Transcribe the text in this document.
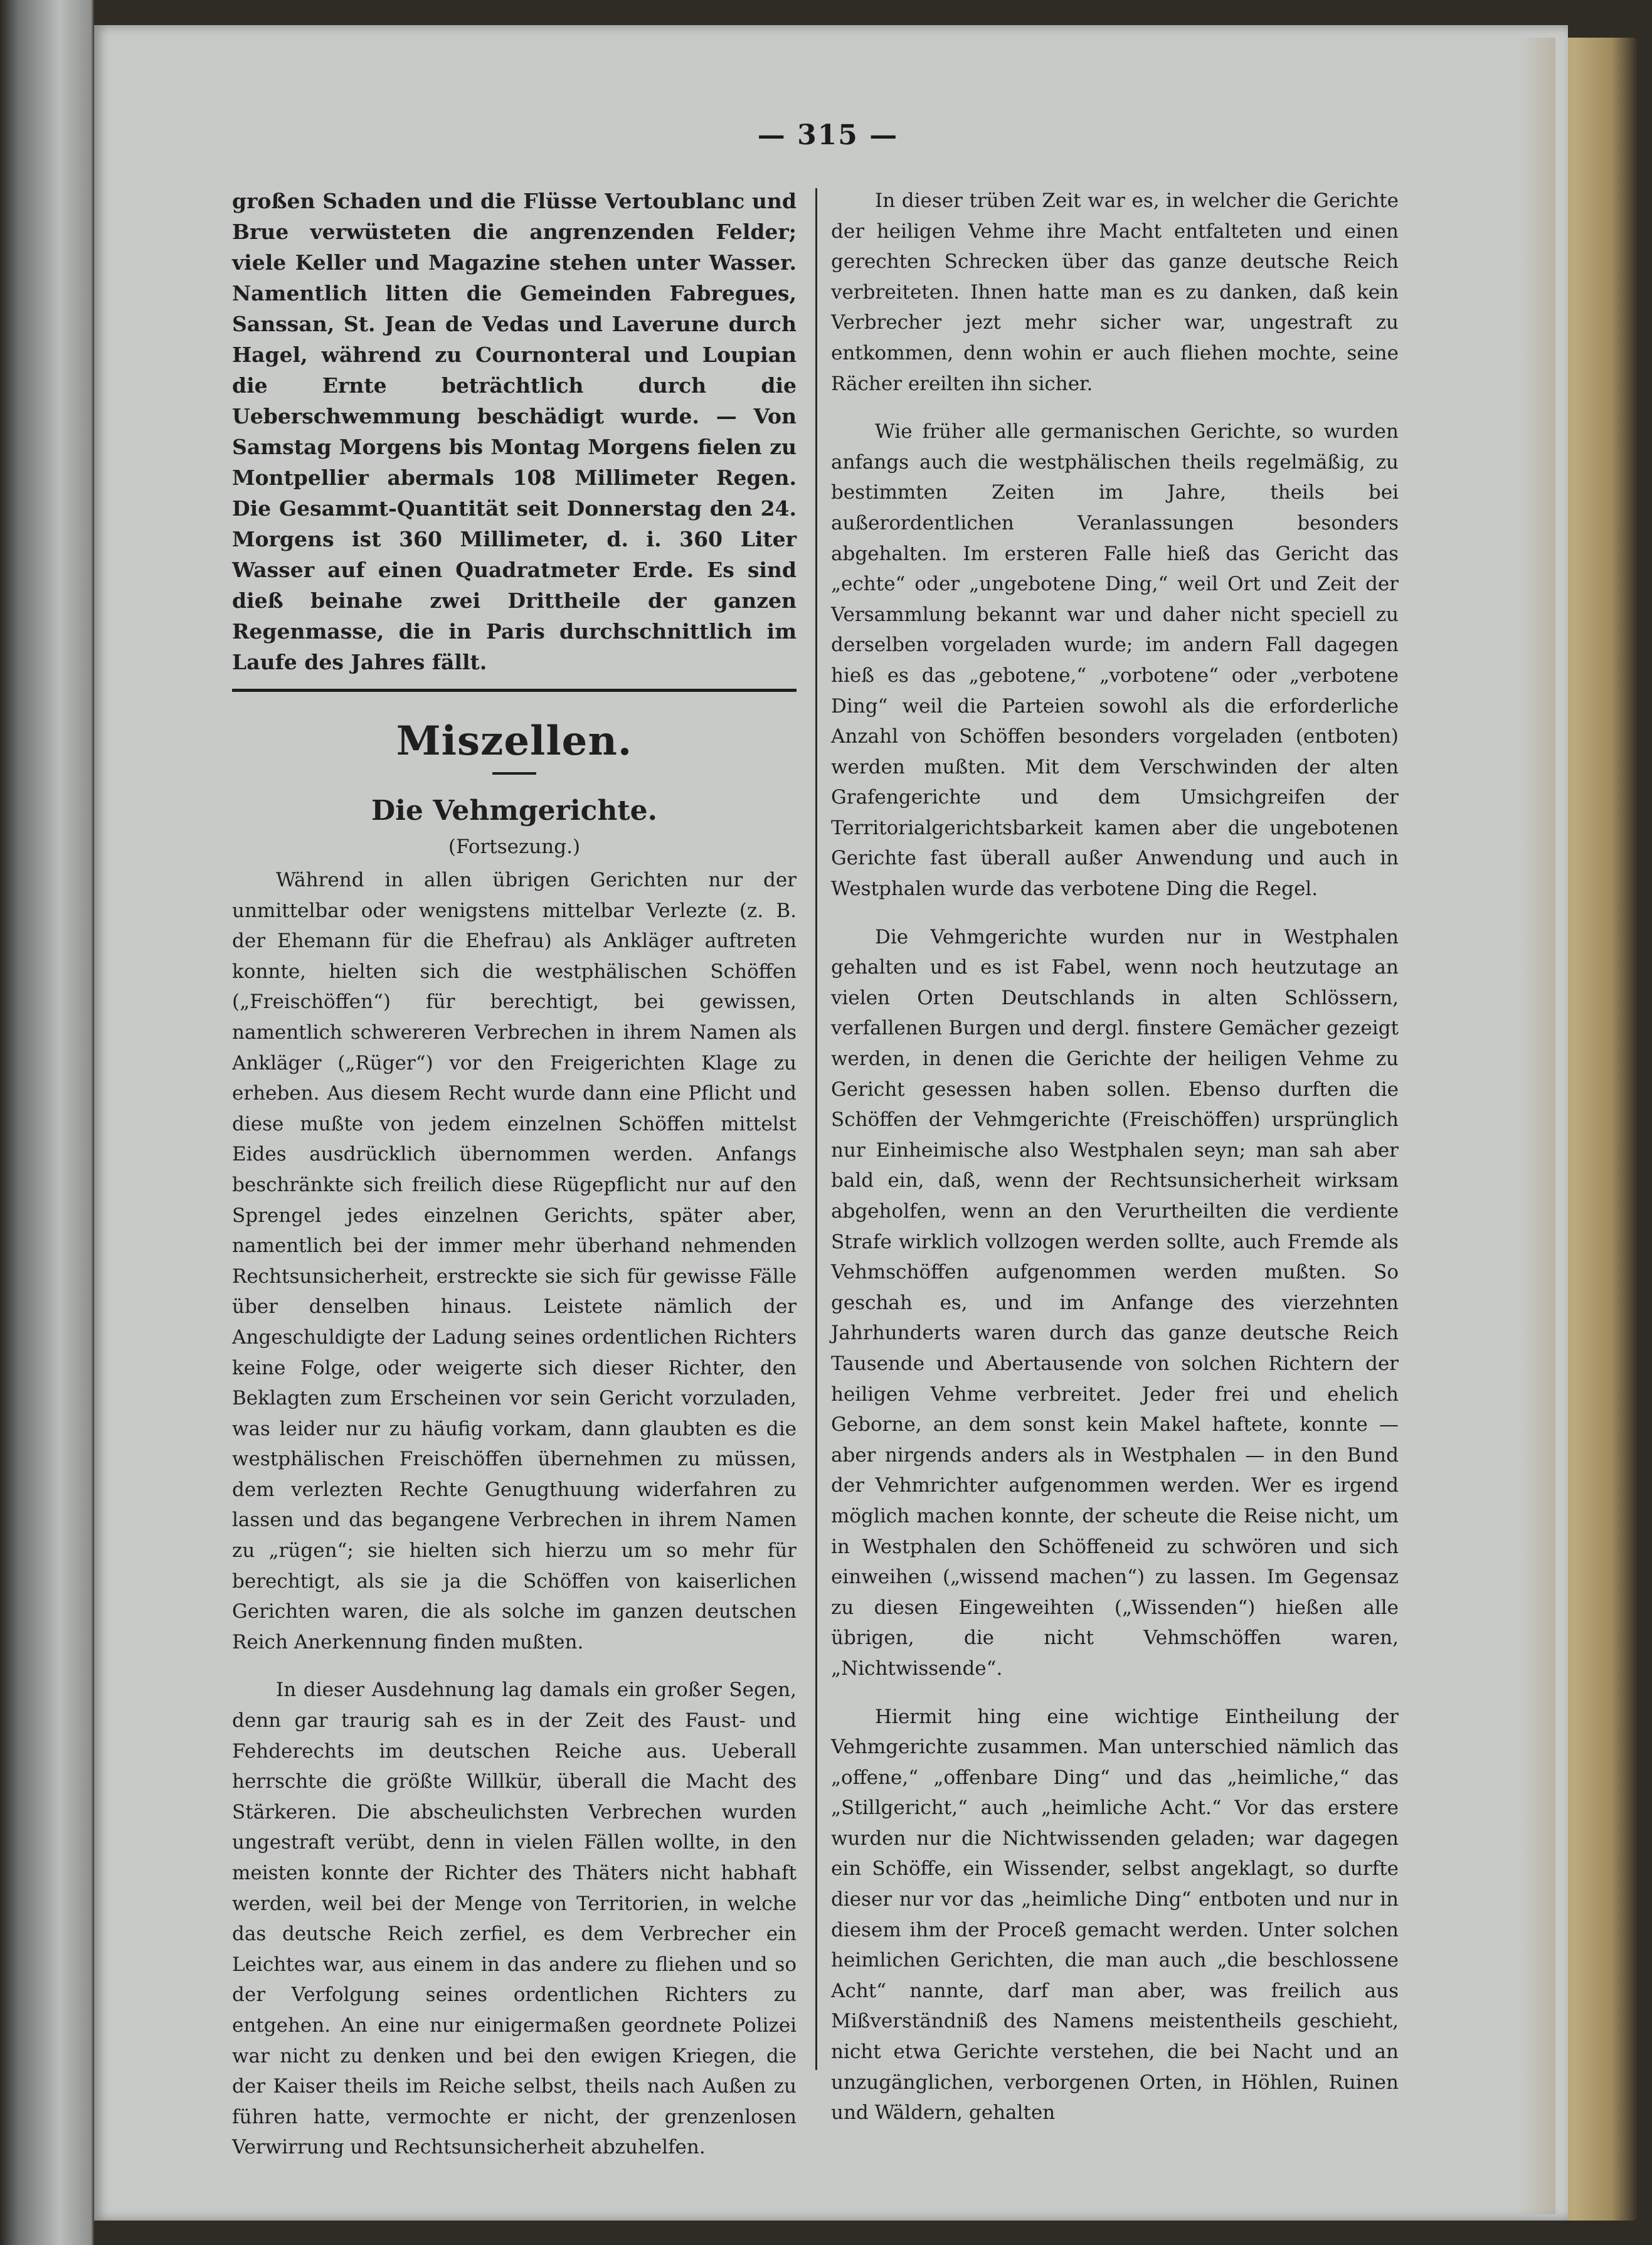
— 315 —
großen Schaden und die Flüsse Vertoublanc und Brue verwüsteten die angrenzenden Felder; viele Keller und Magazine stehen unter Wasser. Namentlich litten die Gemeinden Fabregues, Sanssan, St. Jean de Vedas und Laverune durch Hagel, während zu Cournonteral und Loupian die Ernte beträchtlich durch die Ueberschwemmung beschädigt wurde. — Von Samstag Morgens bis Montag Morgens fielen zu Montpellier abermals 108 Millimeter Regen. Die Gesammt-Quantität seit Donnerstag den 24. Morgens ist 360 Millimeter, d. i. 360 Liter Wasser auf einen Quadratmeter Erde. Es sind dieß beinahe zwei Drittheile der ganzen Regenmasse, die in Paris durchschnittlich im Laufe des Jahres fällt.
Miszellen.
Die Vehmgerichte.
(Fortsezung.)

Während in allen übrigen Gerichten nur der unmittelbar oder wenigstens mittelbar Verlezte (z. B. der Ehemann für die Ehefrau) als Ankläger auftreten konnte, hielten sich die westphälischen Schöffen („Freischöffen“) für berechtigt, bei gewissen, namentlich schwereren Verbrechen in ihrem Namen als Ankläger („Rüger“) vor den Freigerichten Klage zu erheben. Aus diesem Recht wurde dann eine Pflicht und diese mußte von jedem einzelnen Schöffen mittelst Eides ausdrücklich übernommen werden. Anfangs beschränkte sich freilich diese Rügepflicht nur auf den Sprengel jedes einzelnen Gerichts, später aber, namentlich bei der immer mehr überhand nehmenden Rechtsunsicherheit, erstreckte sie sich für gewisse Fälle über denselben hinaus. Leistete nämlich der Angeschuldigte der Ladung seines ordentlichen Richters keine Folge, oder weigerte sich dieser Richter, den Beklagten zum Erscheinen vor sein Gericht vorzuladen, was leider nur zu häufig vorkam, dann glaubten es die westphälischen Freischöffen übernehmen zu müssen, dem verlezten Rechte Genugthuung widerfahren zu lassen und das begangene Verbrechen in ihrem Namen zu „rügen“; sie hielten sich hierzu um so mehr für berechtigt, als sie ja die Schöffen von kaiserlichen Gerichten waren, die als solche im ganzen deutschen Reich Anerkennung finden mußten.

In dieser Ausdehnung lag damals ein großer Segen, denn gar traurig sah es in der Zeit des Faust- und Fehderechts im deutschen Reiche aus. Ueberall herrschte die größte Willkür, überall die Macht des Stärkeren. Die abscheulichsten Verbrechen wurden ungestraft verübt, denn in vielen Fällen wollte, in den meisten konnte der Richter des Thäters nicht habhaft werden, weil bei der Menge von Territorien, in welche das deutsche Reich zerfiel, es dem Verbrecher ein Leichtes war, aus einem in das andere zu fliehen und so der Verfolgung seines ordentlichen Richters zu entgehen. An eine nur einigermaßen geordnete Polizei war nicht zu denken und bei den ewigen Kriegen, die der Kaiser theils im Reiche selbst, theils nach Außen zu führen hatte, vermochte er nicht, der grenzenlosen Verwirrung und Rechtsunsicherheit abzuhelfen.

In dieser trüben Zeit war es, in welcher die Gerichte der heiligen Vehme ihre Macht entfalteten und einen gerechten Schrecken über das ganze deutsche Reich verbreiteten. Ihnen hatte man es zu danken, daß kein Verbrecher jezt mehr sicher war, ungestraft zu entkommen, denn wohin er auch fliehen mochte, seine Rächer ereilten ihn sicher.

Wie früher alle germanischen Gerichte, so wurden anfangs auch die westphälischen theils regelmäßig, zu bestimmten Zeiten im Jahre, theils bei außerordentlichen Veranlassungen besonders abgehalten. Im ersteren Falle hieß das Gericht das „echte“ oder „ungebotene Ding,“ weil Ort und Zeit der Versammlung bekannt war und daher nicht speciell zu derselben vorgeladen wurde; im andern Fall dagegen hieß es das „gebotene,“ „vorbotene“ oder „verbotene Ding“ weil die Parteien sowohl als die erforderliche Anzahl von Schöffen besonders vorgeladen (entboten) werden mußten. Mit dem Verschwinden der alten Grafengerichte und dem Umsichgreifen der Territorialgerichtsbarkeit kamen aber die ungebotenen Gerichte fast überall außer Anwendung und auch in Westphalen wurde das verbotene Ding die Regel.

Die Vehmgerichte wurden nur in Westphalen gehalten und es ist Fabel, wenn noch heutzutage an vielen Orten Deutschlands in alten Schlössern, verfallenen Burgen und dergl. finstere Gemächer gezeigt werden, in denen die Gerichte der heiligen Vehme zu Gericht gesessen haben sollen. Ebenso durften die Schöffen der Vehmgerichte (Freischöffen) ursprünglich nur Einheimische also Westphalen seyn; man sah aber bald ein, daß, wenn der Rechtsunsicherheit wirksam abgeholfen, wenn an den Verurtheilten die verdiente Strafe wirklich vollzogen werden sollte, auch Fremde als Vehmschöffen aufgenommen werden mußten. So geschah es, und im Anfange des vierzehnten Jahrhunderts waren durch das ganze deutsche Reich Tausende und Abertausende von solchen Richtern der heiligen Vehme verbreitet. Jeder frei und ehelich Geborne, an dem sonst kein Makel haftete, konnte — aber nirgends anders als in Westphalen — in den Bund der Vehmrichter aufgenommen werden. Wer es irgend möglich machen konnte, der scheute die Reise nicht, um in Westphalen den Schöffeneid zu schwören und sich einweihen („wissend machen“) zu lassen. Im Gegensaz zu diesen Eingeweihten („Wissenden“) hießen alle übrigen, die nicht Vehmschöffen waren, „Nichtwissende“.

Hiermit hing eine wichtige Eintheilung der Vehmgerichte zusammen. Man unterschied nämlich das „offene,“ „offenbare Ding“ und das „heimliche,“ das „Stillgericht,“ auch „heimliche Acht.“ Vor das erstere wurden nur die Nichtwissenden geladen; war dagegen ein Schöffe, ein Wissender, selbst angeklagt, so durfte dieser nur vor das „heimliche Ding“ entboten und nur in diesem ihm der Proceß gemacht werden. Unter solchen heimlichen Gerichten, die man auch „die beschlossene Acht“ nannte, darf man aber, was freilich aus Mißverständniß des Namens meistentheils geschieht, nicht etwa Gerichte verstehen, die bei Nacht und an unzugänglichen, verborgenen Orten, in Höhlen, Ruinen und Wäldern, gehalten
